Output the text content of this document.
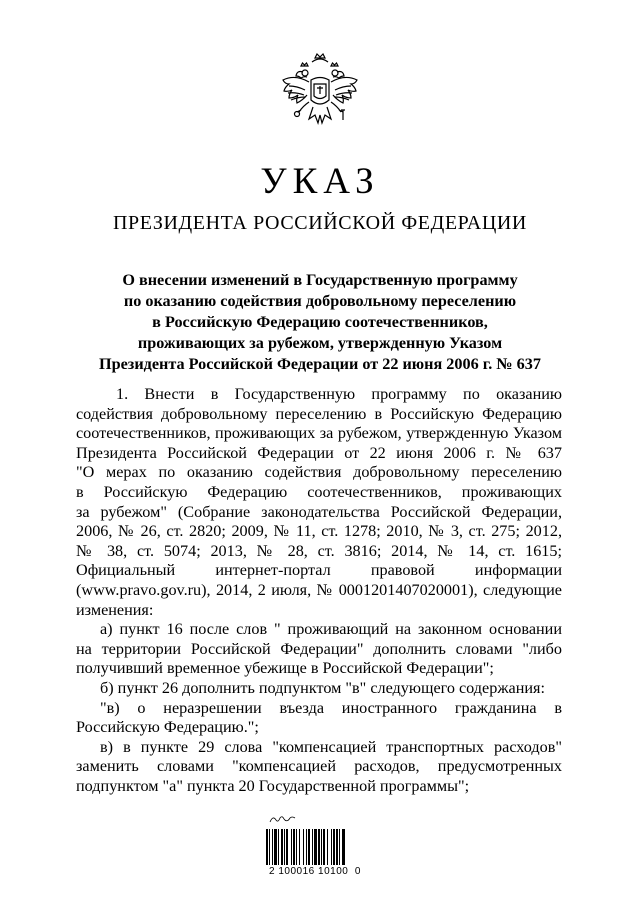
УКАЗ
ПРЕЗИДЕНТА РОССИЙСКОЙ ФЕДЕРАЦИИ
О внесении изменений в Государственную программу
по оказанию содействия добровольному переселению
в Российскую Федерацию соотечественников,
проживающих за рубежом, утвержденную Указом
Президента Российской Федерации от 22 июня 2006 г. № 637
1. Внести в Государственную программу по оказанию
содействия добровольному переселению в Российскую Федерацию
соотечественников, проживающих за рубежом, утвержденную Указом
Президента Российской Федерации от 22 июня 2006 г. № 637
"О мерах по оказанию содействия добровольному переселению
в Российскую Федерацию соотечественников, проживающих
за рубежом" (Собрание законодательства Российской Федерации,
2006, № 26, ст. 2820; 2009, № 11, ст. 1278; 2010, № 3, ст. 275; 2012,
№ 38, ст. 5074; 2013, № 28, ст. 3816; 2014, № 14, ст. 1615;
Официальный интернет-портал правовой информации
(www.pravo.gov.ru), 2014, 2 июля, № 0001201407020001), следующие
изменения:
а) пункт 16 после слов " проживающий на законном основании
на территории Российской Федерации" дополнить словами "либо
получивший временное убежище в Российской Федерации";
б) пункт 26 дополнить подпунктом "в" следующего содержания:
"в) о неразрешении въезда иностранного гражданина в
Российскую Федерацию.";
в) в пункте 29 слова "компенсацией транспортных расходов"
заменить словами "компенсацией расходов, предусмотренных
подпунктом "а" пункта 20 Государственной программы";
2 100016 10100  0
